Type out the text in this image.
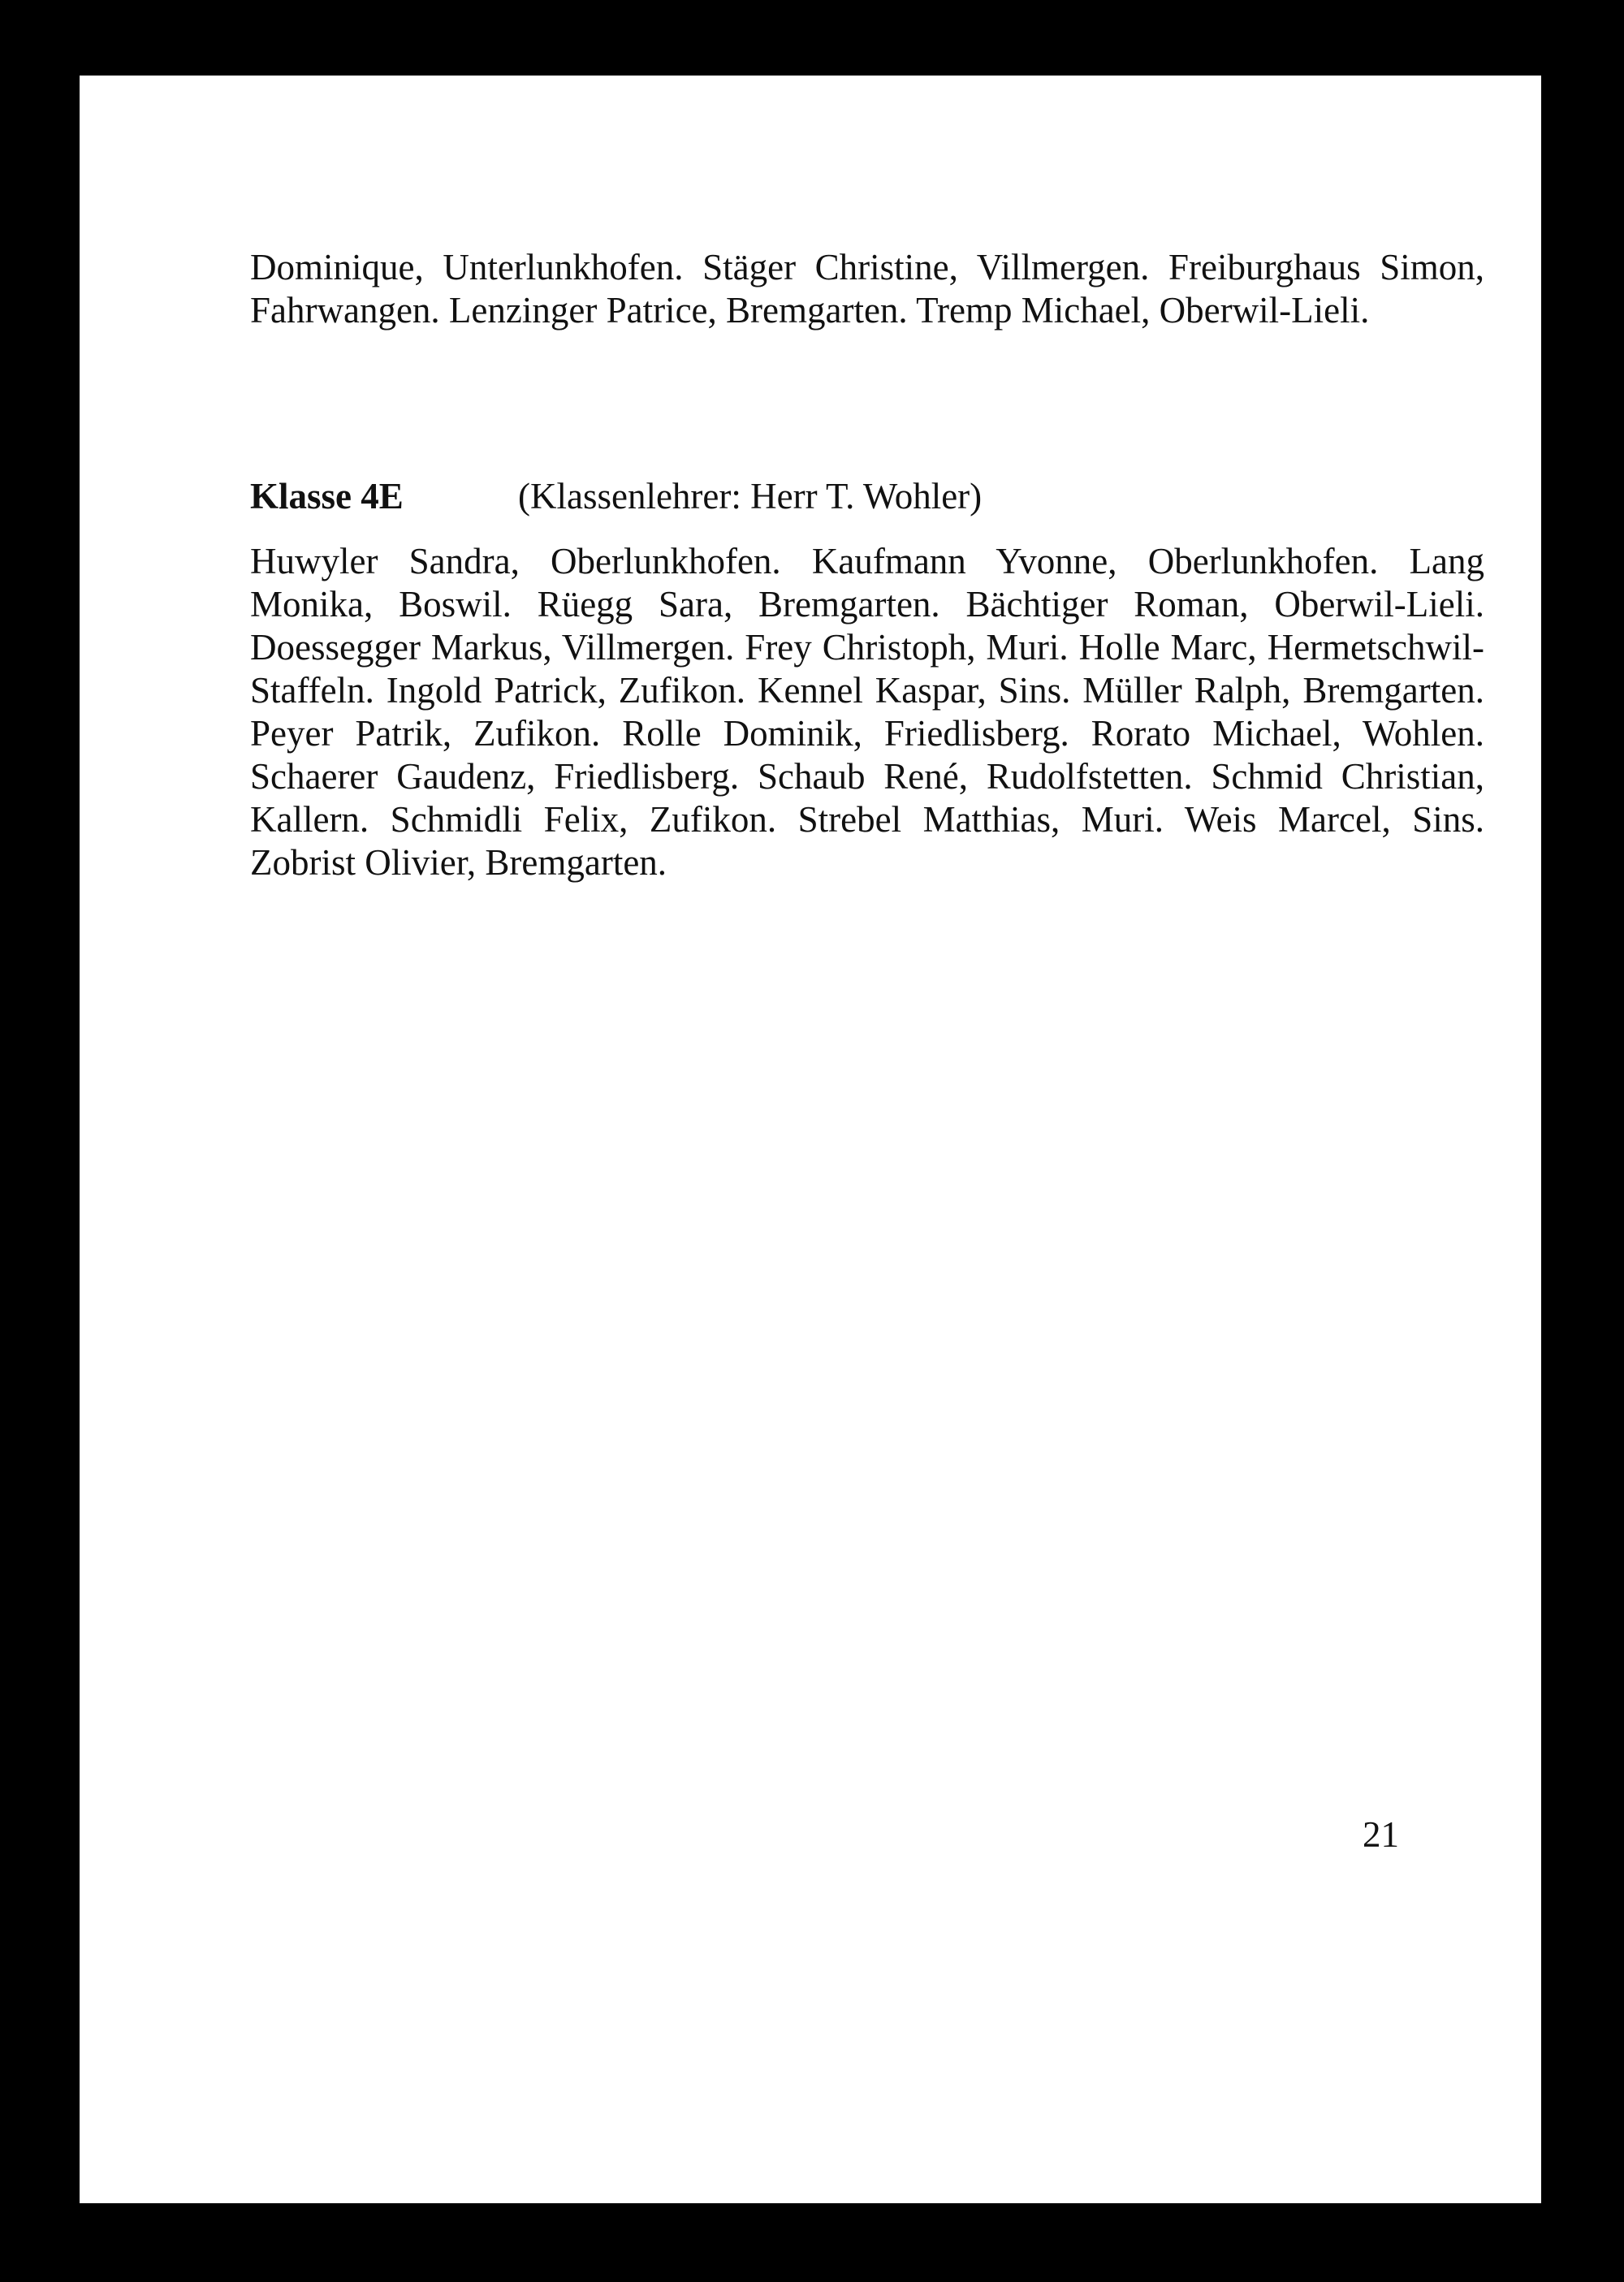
Dominique, Unterlunkhofen. Stäger Christine, Villmergen. Freiburghaus Simon, Fahrwangen. Lenzinger Patrice, Bremgarten. Tremp Michael, Oberwil-Lieli.
Klasse 4E	(Klassenlehrer: Herr T. Wohler)
Huwyler Sandra, Oberlunkhofen. Kaufmann Yvonne, Oberlunkhofen. Lang Monika, Boswil. Rüegg Sara, Bremgarten. Bächtiger Roman, Oberwil-Lieli. Doessegger Markus, Villmergen. Frey Christoph, Muri. Holle Marc, Hermetschwil-Staffeln. Ingold Patrick, Zufikon. Kennel Kaspar, Sins. Müller Ralph, Bremgarten. Peyer Patrik, Zufikon. Rolle Dominik, Friedlisberg. Rorato Michael, Wohlen. Schaerer Gaudenz, Friedlisberg. Schaub René, Rudolfstetten. Schmid Christian, Kallern. Schmidli Felix, Zufikon. Strebel Matthias, Muri. Weis Marcel, Sins. Zobrist Olivier, Bremgarten.
21
